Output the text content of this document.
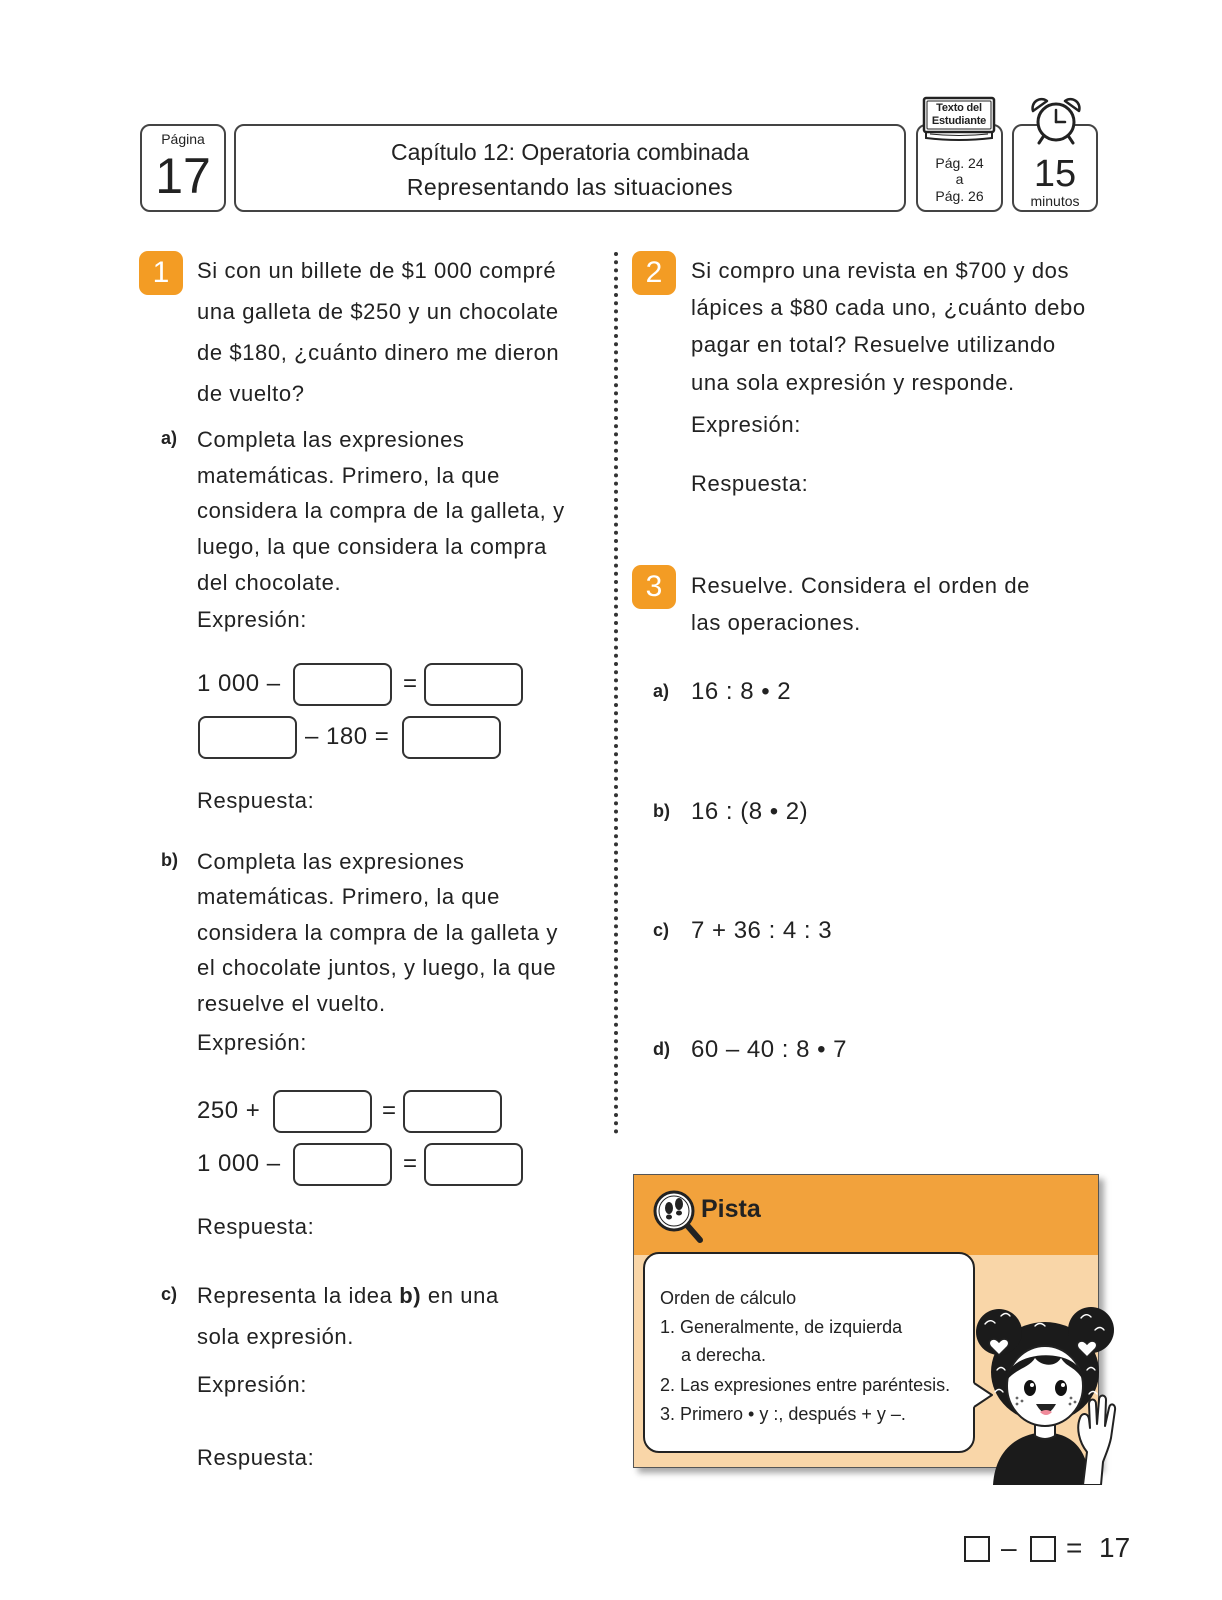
Página
17	Capítulo 12: Operatoria combinada
Representando las situaciones
Pág. 24
a
Pág. 26
Texto del
Estudiante
15
minutos
1	Si con un billete de $1 000 compré
una galleta de $250 y un chocolate
de $180, ¿cuánto dinero me dieron
de vuelto?
a) Completa las expresiones
matemáticas. Primero, la que
considera la compra de la galleta, y
luego, la que considera la compra
del chocolate.
Expresión:
1 000 –	=
– 180 =
Respuesta:
b) Completa las expresiones
matemáticas. Primero, la que
considera la compra de la galleta y
el chocolate juntos, y luego, la que
resuelve el vuelto.
Expresión:
250 +	=
1 000 –	=
Respuesta:
c) Representa la idea b) en una
sola expresión.
Expresión:
Respuesta:
2	Si compro una revista en $700 y dos
lápices a $80 cada uno, ¿cuánto debo
pagar en total? Resuelve utilizando
una sola expresión y responde.
Expresión:
Respuesta:
3	Resuelve. Considera el orden de
las operaciones.
a) 16 : 8 • 2
b) 16 : (8 • 2)
c) 7 + 36 : 4 : 3
d) 60 – 40 : 8 • 7
Pista
Orden de cálculo
1. Generalmente, de izquierda
a derecha.
2. Las expresiones entre paréntesis.
3. Primero • y :, después + y –.
– = 17
